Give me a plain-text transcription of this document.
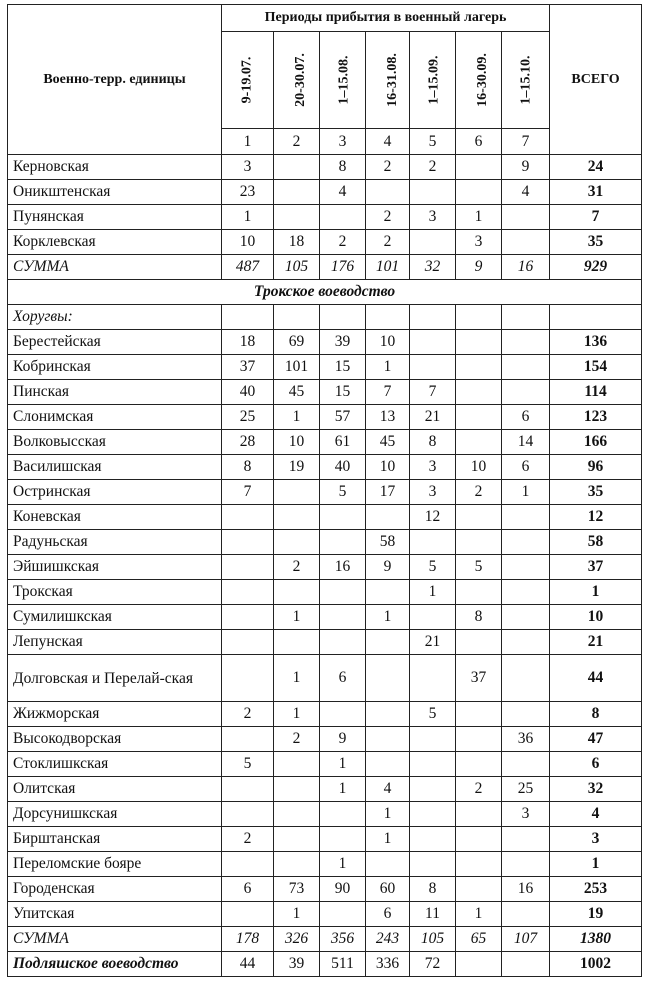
Военно-терр. единицы	Периоды прибытия в военный лагерь							ВСЕГО
	9-19.07.	20-30.07.	1–15.08.	16-31.08.	1–15.09.	16-30.09.	1–15.10.	
	1	2	3	4	5	6	7	
Керновская	3		8	2	2		9	24
Оникштенская	23		4				4	31
Пунянская	1			2	3	1		7
Корклевская	10	18	2	2		3		35
СУММА	487	105	176	101	32	9	16	929
Трокское воеводство								
Хоругвы:								
Берестейская	18	69	39	10				136
Кобринская	37	101	15	1				154
Пинская	40	45	15	7	7			114
Слонимская	25	1	57	13	21		6	123
Волковысская	28	10	61	45	8		14	166
Василишская	8	19	40	10	3	10	6	96
Остринская	7		5	17	3	2	1	35
Коневская					12			12
Радуньская				58				58
Эйшишкская		2	16	9	5	5		37
Трокская					1			1
Сумилишкская		1		1		8		10
Лепунская					21			21
Долговская и Перелай-ская		1	6			37		44
Жижморская	2	1			5			8
Высокодворская		2	9				36	47
Стоклишкская	5		1					6
Олитская			1	4		2	25	32
Дорсунишкская				1			3	4
Бирштанская	2			1				3
Переломские бояре			1					1
Городенская	6	73	90	60	8		16	253
Упитская		1		6	11	1		19
СУММА	178	326	356	243	105	65	107	1380
Подляшское воеводство	44	39	511	336	72			1002
